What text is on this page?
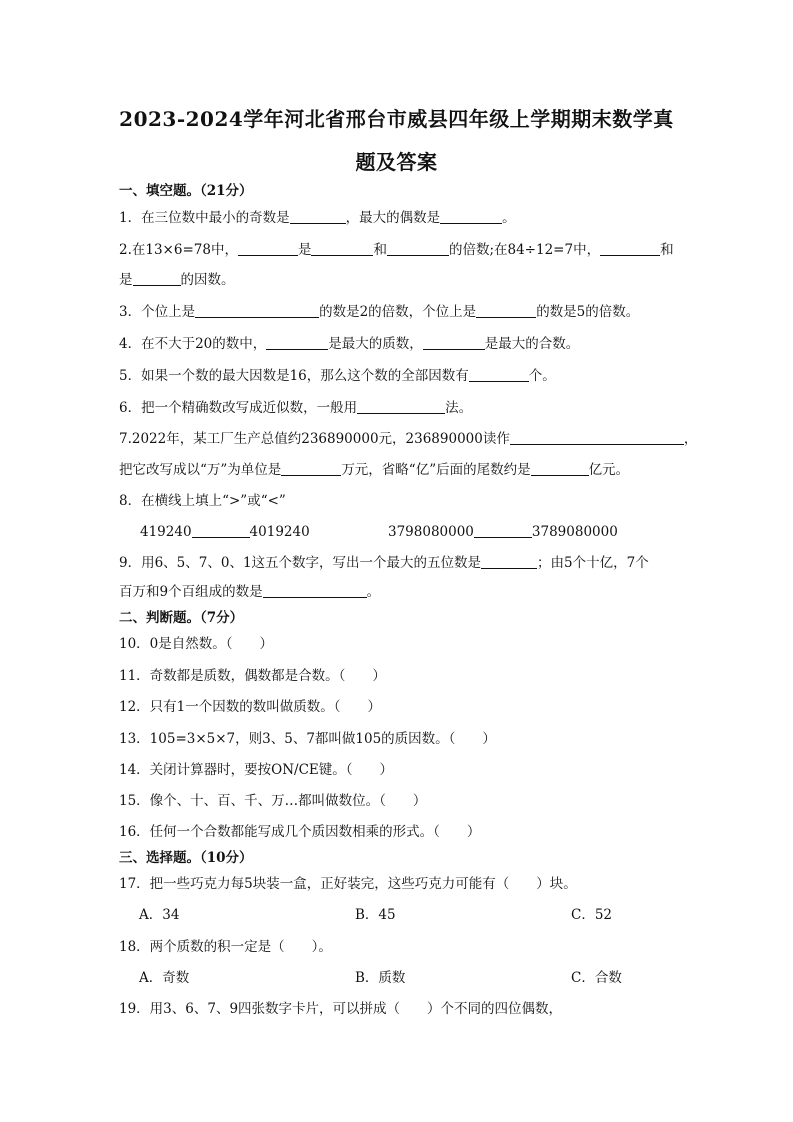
2023-2024学年河北省邢台市威县四年级上学期期末数学真
题及答案
一、填空题。（21分）
1．在三位数中最小的奇数是	，最大的偶数是	。
2.在13×6=78中，	是	和	的倍数;在84÷12=7中，	和
是	的因数。
3．个位上是	的数是2的倍数，个位上是	的数是5的倍数。
4．在不大于20的数中，	是最大的质数，	是最大的合数。
5．如果一个数的最大因数是16，那么这个数的全部因数有	个。
6．把一个精确数改写成近似数，一般用	法。
7.2022年，某工厂生产总值约236890000元，236890000读作	，
把它改写成以“万”为单位是	万元，省略“亿”后面的尾数约是	亿元。
8．在横线上填上“>”或“<”
419240	4019240	3798080000	3789080000
9．用6、5、7、0、1这五个数字，写出一个最大的五位数是	；由5个十亿，7个
百万和9个百组成的数是	。
二、判断题。（7分）
10．0是自然数。（　　）
11．奇数都是质数，偶数都是合数。（　　）
12．只有1一个因数的数叫做质数。（　　）
13．105=3×5×7，则3、5、7都叫做105的质因数。（　　）
14．关闭计算器时，要按ON/CE键。（　　）
15．像个、十、百、千、万…都叫做数位。（　　）
16．任何一个合数都能写成几个质因数相乘的形式。（　　）
三、选择题。（10分）
17．把一些巧克力每5块装一盒，正好装完，这些巧克力可能有（　　）块。
A．34	B．45	C．52
18．两个质数的积一定是（　　）。
A．奇数	B．质数	C．合数
19．用3、6、7、9四张数字卡片，可以拼成（　　）个不同的四位偶数，
